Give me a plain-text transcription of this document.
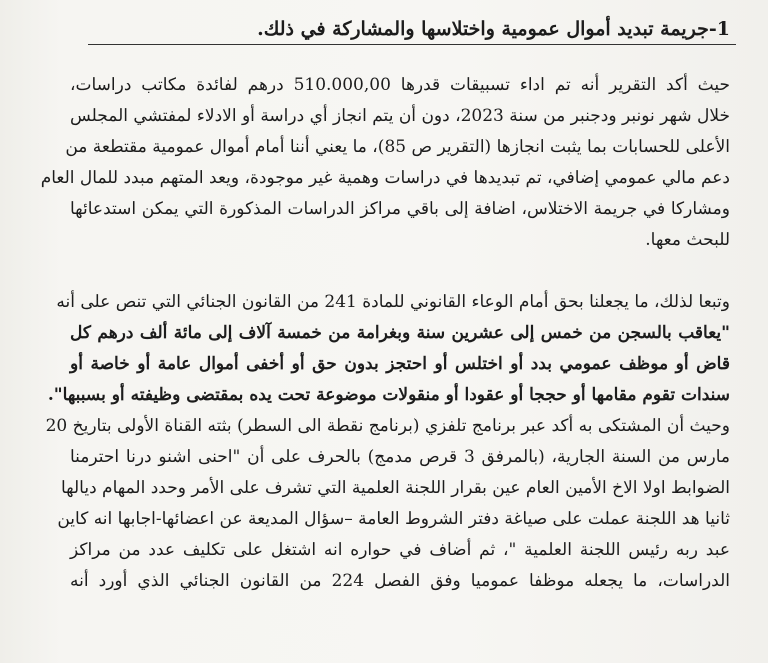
1-جريمة تبديد أموال عمومية واختلاسها والمشاركة في ذلك.
حيث أكد التقرير أنه تم اداء تسبيقات قدرها 510.000,00 درهم لفائدة مكاتب دراسات،
خلال شهر نونبر ودجنبر من سنة 2023، دون أن يتم انجاز أي دراسة أو الادلاء لمفتشي المجلس
الأعلى للحسابات بما يثبت انجازها (التقرير ص 85)، ما يعني أننا أمام أموال عمومية مقتطعة من
دعم مالي عمومي إضافي، تم تبديدها في دراسات وهمية غير موجودة، ويعد المتهم مبدد للمال العام
ومشاركا في جريمة الاختلاس، اضافة إلى باقي مراكز الدراسات المذكورة التي يمكن استدعائها
للبحث معها.
وتبعا لذلك، ما يجعلنا بحق أمام الوعاء القانوني للمادة 241 من القانون الجنائي التي تنص على أنه
"يعاقب بالسجن من خمس إلى عشرين سنة وبغرامة من خمسة آلاف إلى مائة ألف درهم كل
قاض أو موظف عمومي بدد أو اختلس أو احتجز بدون حق أو أخفى أموال عامة أو خاصة أو
سندات تقوم مقامها أو حججا أو عقودا أو منقولات موضوعة تحت يده بمقتضى وظيفته أو بسببها".
وحيث أن المشتكى به أكد عبر برنامج تلفزي (برنامج نقطة الى السطر) بثته القناة الأولى بتاريخ 20
مارس من السنة الجارية، (بالمرفق 3 قرص مدمج) بالحرف على أن "احنى اشنو درنا احترمنا
الضوابط اولا الاخ الأمين العام عين بقرار اللجنة العلمية التي تشرف على الأمر وحدد المهام ديالها
ثانيا هد اللجنة عملت على صياغة دفتر الشروط العامة –سؤال المديعة عن اعضائها-اجابها انه كاين
عبد ربه رئيس اللجنة العلمية "، ثم أضاف في حواره انه اشتغل على تكليف عدد من مراكز
الدراسات، ما يجعله موظفا عموميا وفق الفصل 224 من القانون الجنائي الذي أورد أنه
